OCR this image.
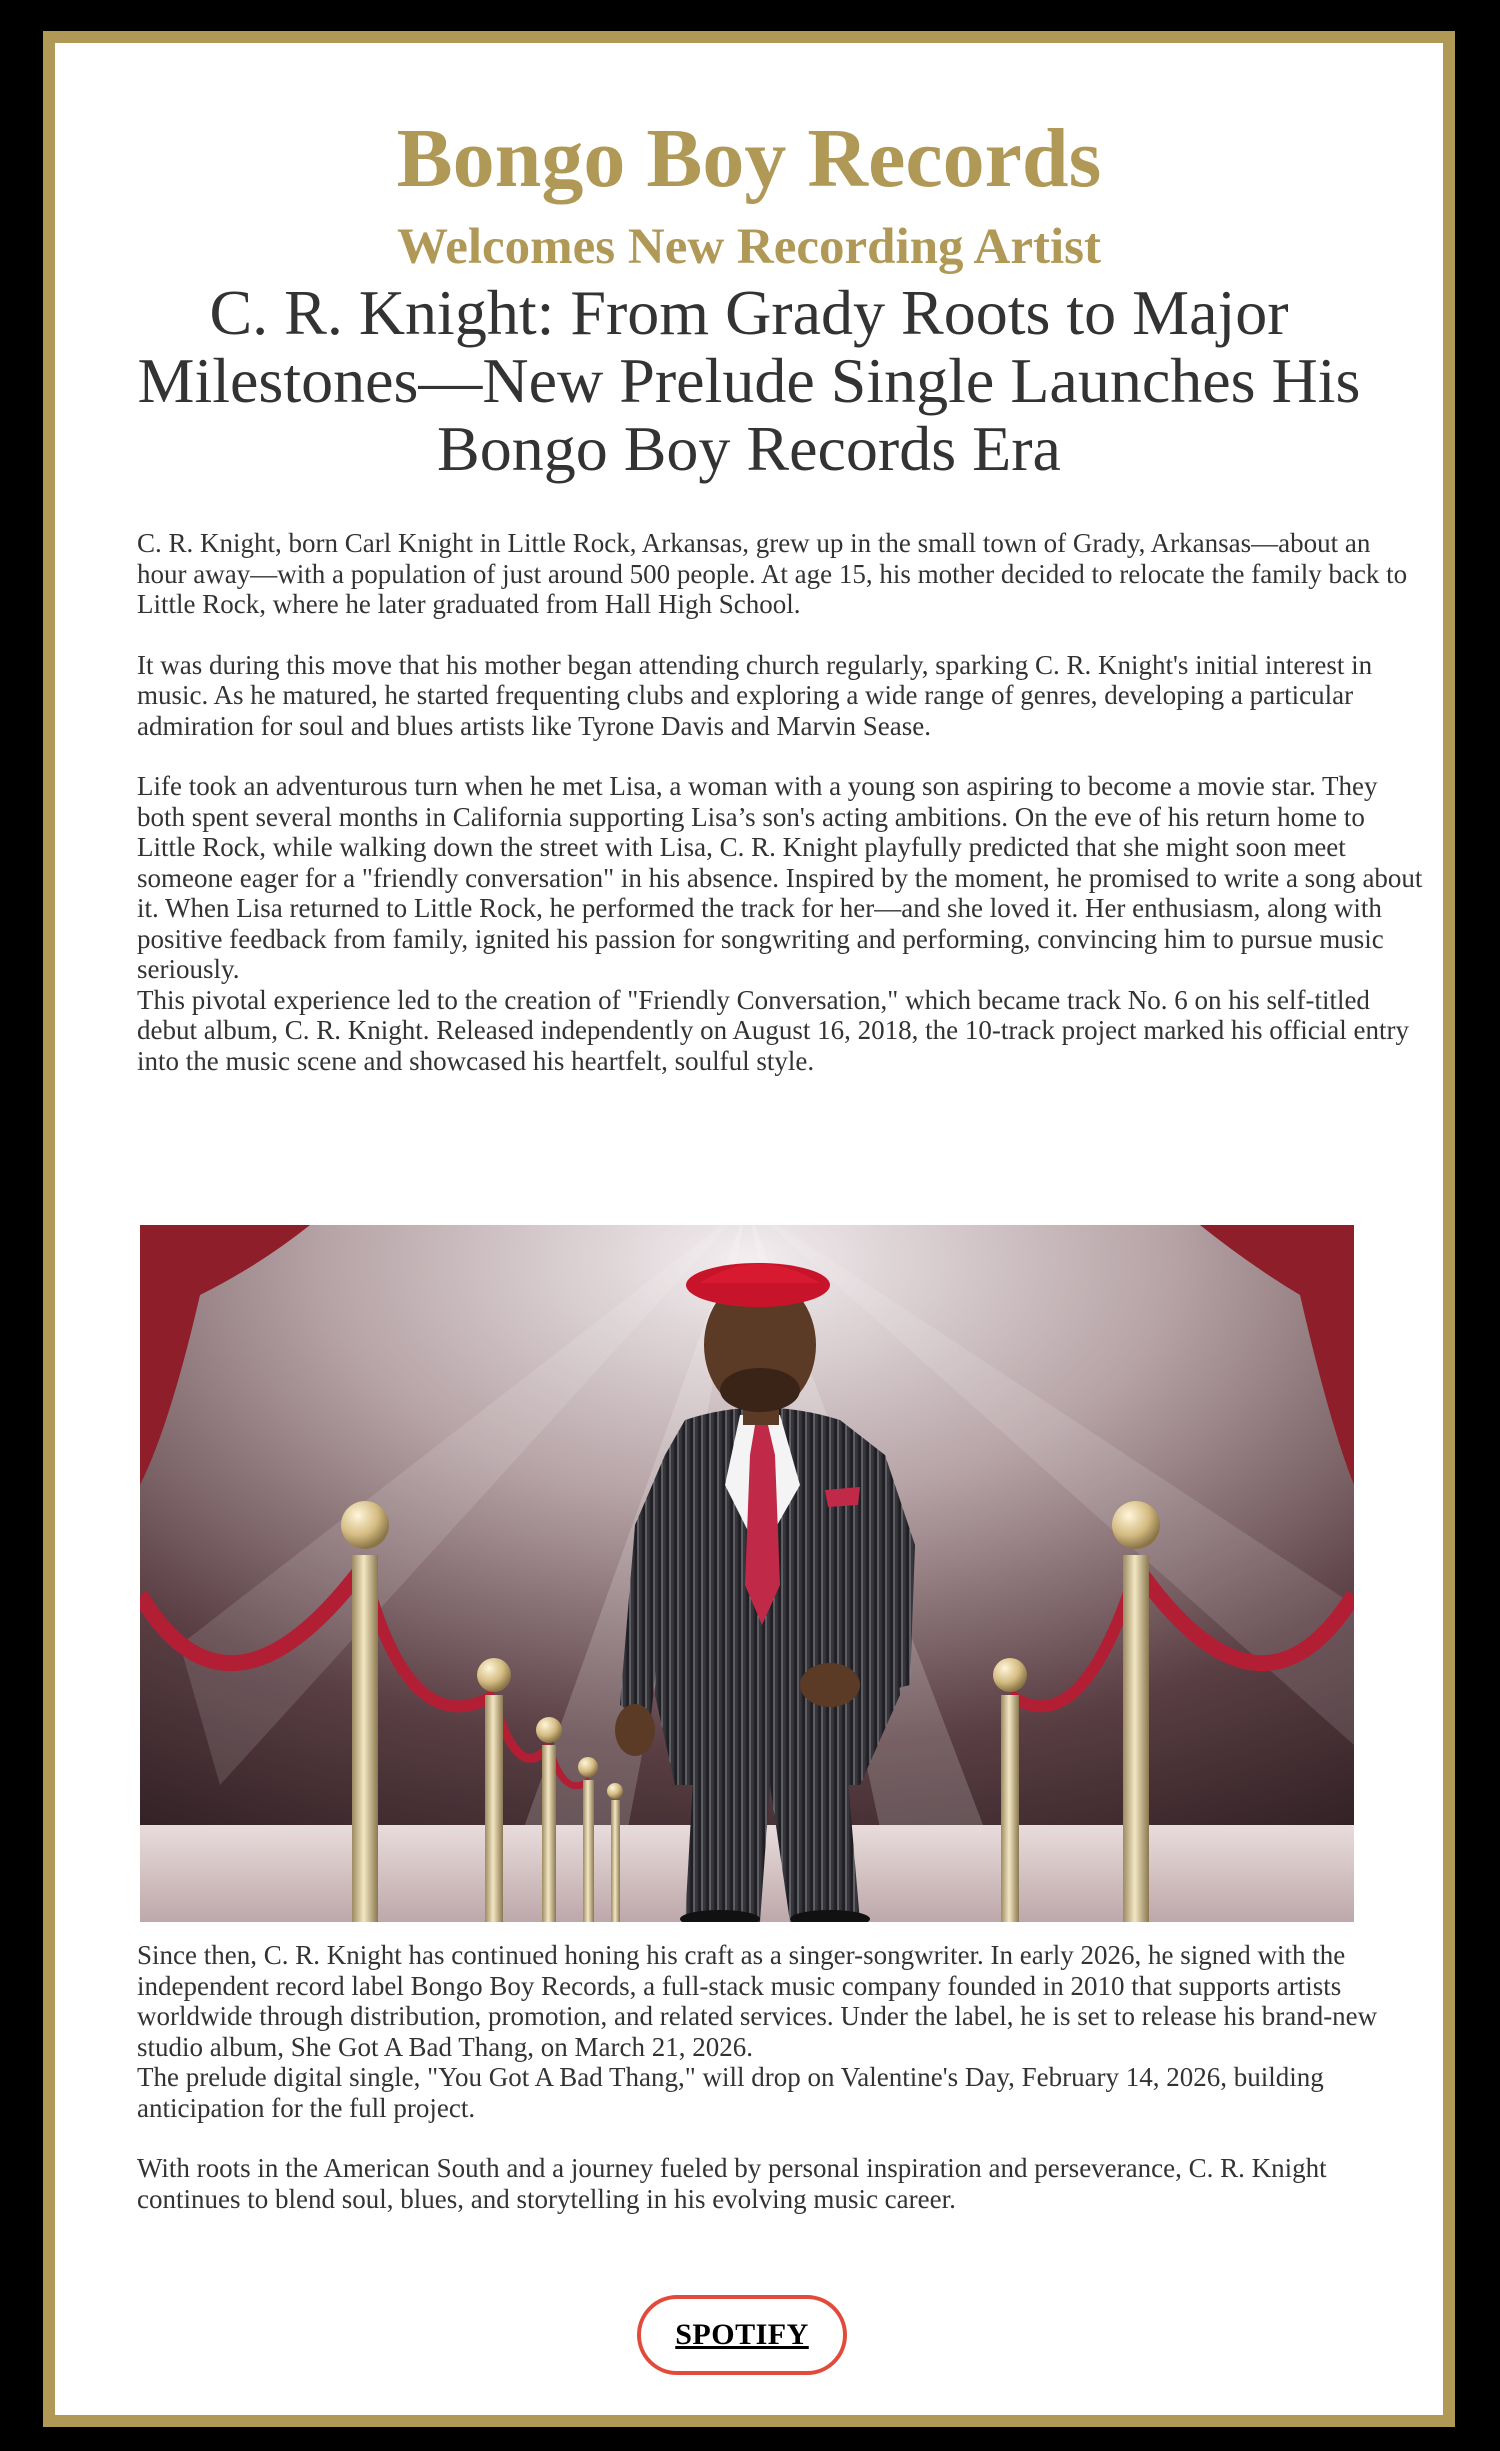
Bongo Boy Records
Welcomes New Recording Artist
C. R. Knight: From Grady Roots to Major Milestones—New Prelude Single Launches His Bongo Boy Records Era

C. R. Knight, born Carl Knight in Little Rock, Arkansas, grew up in the small town of Grady, Arkansas—about an hour away—with a population of just around 500 people. At age 15, his mother decided to relocate the family back to Little Rock, where he later graduated from Hall High School.

It was during this move that his mother began attending church regularly, sparking C. R. Knight's initial interest in music. As he matured, he started frequenting clubs and exploring a wide range of genres, developing a particular admiration for soul and blues artists like Tyrone Davis and Marvin Sease.

Life took an adventurous turn when he met Lisa, a woman with a young son aspiring to become a movie star. They both spent several months in California supporting Lisa’s son's acting ambitions. On the eve of his return home to Little Rock, while walking down the street with Lisa, C. R. Knight playfully predicted that she might soon meet someone eager for a "friendly conversation" in his absence. Inspired by the moment, he promised to write a song about it. When Lisa returned to Little Rock, he performed the track for her—and she loved it. Her enthusiasm, along with positive feedback from family, ignited his passion for songwriting and performing, convincing him to pursue music seriously.

This pivotal experience led to the creation of "Friendly Conversation," which became track No. 6 on his self-titled debut album, C. R. Knight. Released independently on August 16, 2018, the 10-track project marked his official entry into the music scene and showcased his heartfelt, soulful style.

Since then, C. R. Knight has continued honing his craft as a singer-songwriter. In early 2026, he signed with the independent record label Bongo Boy Records, a full-stack music company founded in 2010 that supports artists worldwide through distribution, promotion, and related services. Under the label, he is set to release his brand-new studio album, She Got A Bad Thang, on March 21, 2026.

The prelude digital single, "You Got A Bad Thang," will drop on Valentine's Day, February 14, 2026, building anticipation for the full project.

With roots in the American South and a journey fueled by personal inspiration and perseverance, C. R. Knight continues to blend soul, blues, and storytelling in his evolving music career.

SPOTIFY
